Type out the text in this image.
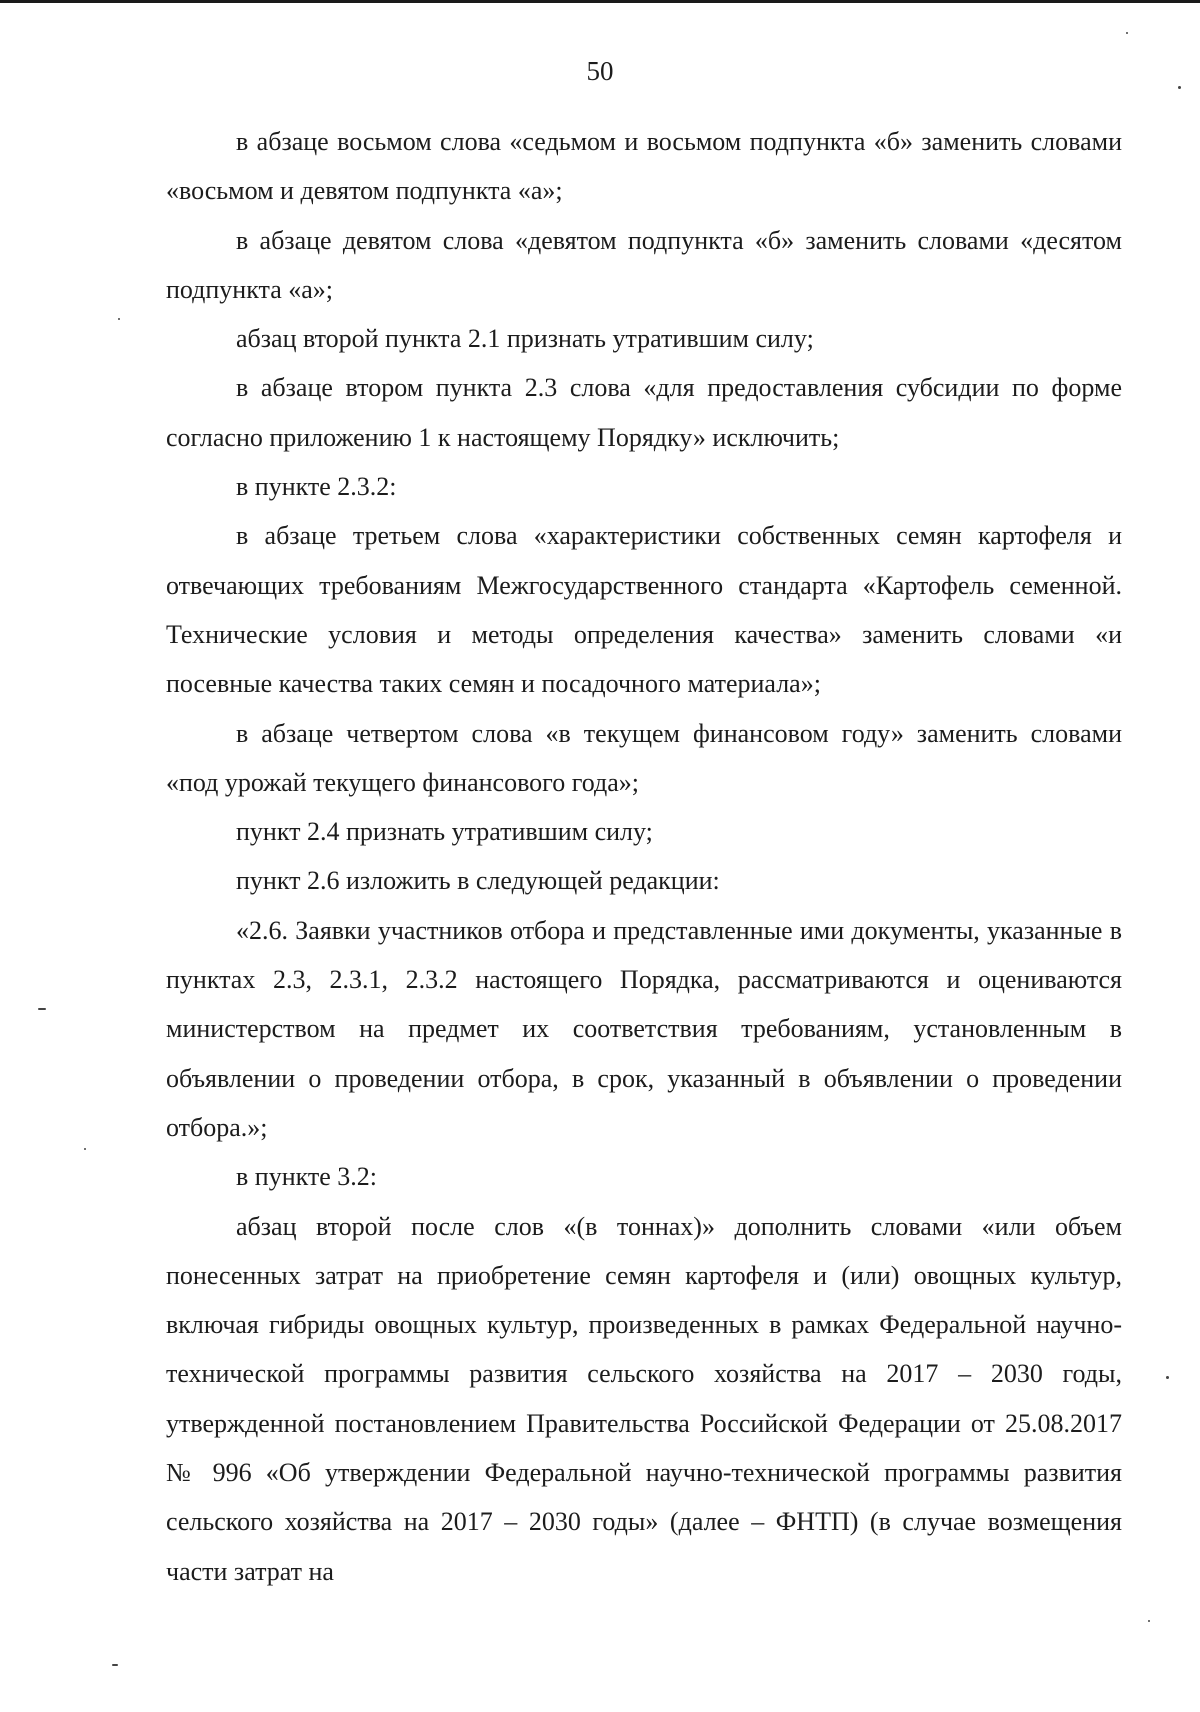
50

в абзаце восьмом слова «седьмом и восьмом подпункта «б» заменить словами «восьмом и девятом подпункта «а»;

в абзаце девятом слова «девятом подпункта «б» заменить словами «десятом подпункта «а»;

абзац второй пункта 2.1 признать утратившим силу;

в абзаце втором пункта 2.3 слова «для предоставления субсидии по форме согласно приложению 1 к настоящему Порядку» исключить;

в пункте 2.3.2:

в абзаце третьем слова «характеристики собственных семян картофеля и отвечающих требованиям Межгосударственного стандарта «Картофель семенной. Технические условия и методы определения качества» заменить словами «и посевные качества таких семян и посадочного материала»;

в абзаце четвертом слова «в текущем финансовом году» заменить словами «под урожай текущего финансового года»;

пункт 2.4 признать утратившим силу;

пункт 2.6 изложить в следующей редакции:

«2.6. Заявки участников отбора и представленные ими документы, указанные в пунктах 2.3, 2.3.1, 2.3.2 настоящего Порядка, рассматриваются и оцениваются министерством на предмет их соответствия требованиям, установленным в объявлении о проведении отбора, в срок, указанный в объявлении о проведении отбора.»;

в пункте 3.2:

абзац второй после слов «(в тоннах)» дополнить словами «или объем понесенных затрат на приобретение семян картофеля и (или) овощных культур, включая гибриды овощных культур, произведенных в рамках Федеральной научно-технической программы развития сельского хозяйства на 2017 – 2030 годы, утвержденной постановлением Правительства Российской Федерации от 25.08.2017 № 996 «Об утверждении Федеральной научно-технической программы развития сельского хозяйства на 2017 – 2030 годы» (далее – ФНТП) (в случае возмещения части затрат на
